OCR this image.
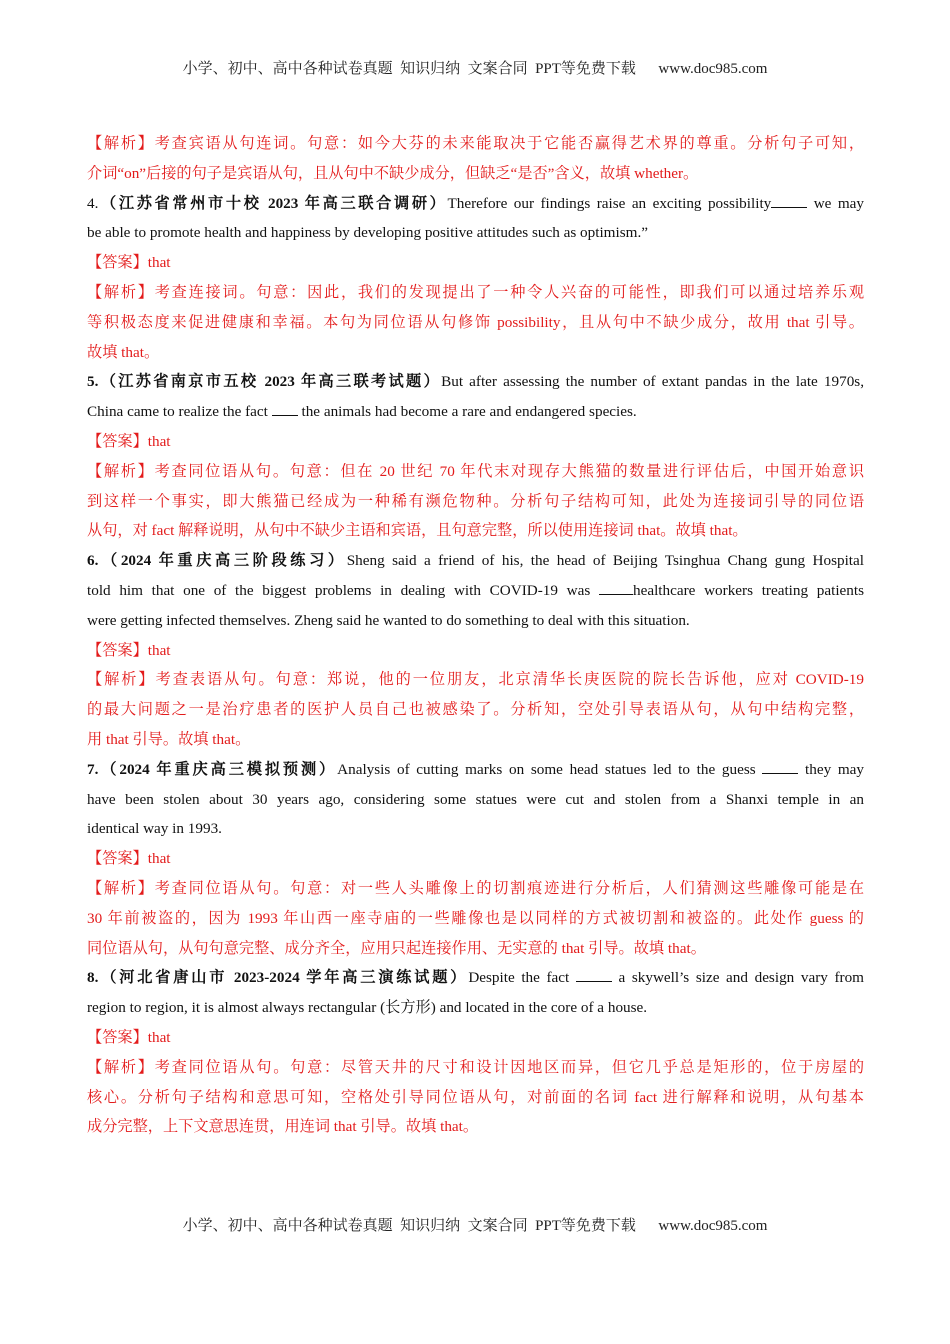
小学、初中、高中各种试卷真题  知识归纳  文案合同  PPT等免费下载 www.doc985.com
【解析】考查宾语从句连词。句意：如今大芬的未来能取决于它能否赢得艺术界的尊重。分析句子可知，
介词“on”后接的句子是宾语从句，且从句中不缺少成分，但缺乏“是否”含义，故填 whether。
4.（江苏省常州市十校 2023 年高三联合调研）Therefore our findings raise an exciting possibility we may
be able to promote health and happiness by developing positive attitudes such as optimism.”
【答案】that
【解析】考查连接词。句意：因此，我们的发现提出了一种令人兴奋的可能性，即我们可以通过培养乐观
等积极态度来促进健康和幸福。本句为同位语从句修饰 possibility，且从句中不缺少成分，故用 that 引导。
故填 that。
5.（江苏省南京市五校 2023 年高三联考试题）But after assessing the number of extant pandas in the late 1970s,
China came to realize the fact  the animals had become a rare and endangered species.
【答案】that
【解析】考查同位语从句。句意：但在 20 世纪 70 年代末对现存大熊猫的数量进行评估后，中国开始意识
到这样一个事实，即大熊猫已经成为一种稀有濒危物种。分析句子结构可知，此处为连接词引导的同位语
从句，对 fact 解释说明，从句中不缺少主语和宾语，且句意完整，所以使用连接词 that。故填 that。
6.（2024 年重庆高三阶段练习）Sheng said a friend of his, the head of Beijing Tsinghua Chang gung Hospital
told him that one of the biggest problems in dealing with COVID-19 was healthcare workers treating patients
were getting infected themselves. Zheng said he wanted to do something to deal with this situation.
【答案】that
【解析】考查表语从句。句意：郑说，他的一位朋友，北京清华长庚医院的院长告诉他，应对 COVID-19
的最大问题之一是治疗患者的医护人员自己也被感染了。分析知，空处引导表语从句，从句中结构完整，
用 that 引导。故填 that。
7.（2024 年重庆高三模拟预测）Analysis of cutting marks on some head statues led to the guess  they may
have been stolen about 30 years ago, considering some statues were cut and stolen from a Shanxi temple in an
identical way in 1993.
【答案】that
【解析】考查同位语从句。句意：对一些人头雕像上的切割痕迹进行分析后，人们猜测这些雕像可能是在
30 年前被盗的，因为 1993 年山西一座寺庙的一些雕像也是以同样的方式被切割和被盗的。此处作 guess 的
同位语从句，从句句意完整、成分齐全，应用只起连接作用、无实意的 that 引导。故填 that。
8.（河北省唐山市 2023-2024 学年高三演练试题）Despite the fact  a skywell’s size and design vary from
region to region, it is almost always rectangular (长方形) and located in the core of a house.
【答案】that
【解析】考查同位语从句。句意：尽管天井的尺寸和设计因地区而异，但它几乎总是矩形的，位于房屋的
核心。分析句子结构和意思可知，空格处引导同位语从句，对前面的名词 fact 进行解释和说明，从句基本
成分完整，上下文意思连贯，用连词 that 引导。故填 that。
小学、初中、高中各种试卷真题  知识归纳  文案合同  PPT等免费下载 www.doc985.com
